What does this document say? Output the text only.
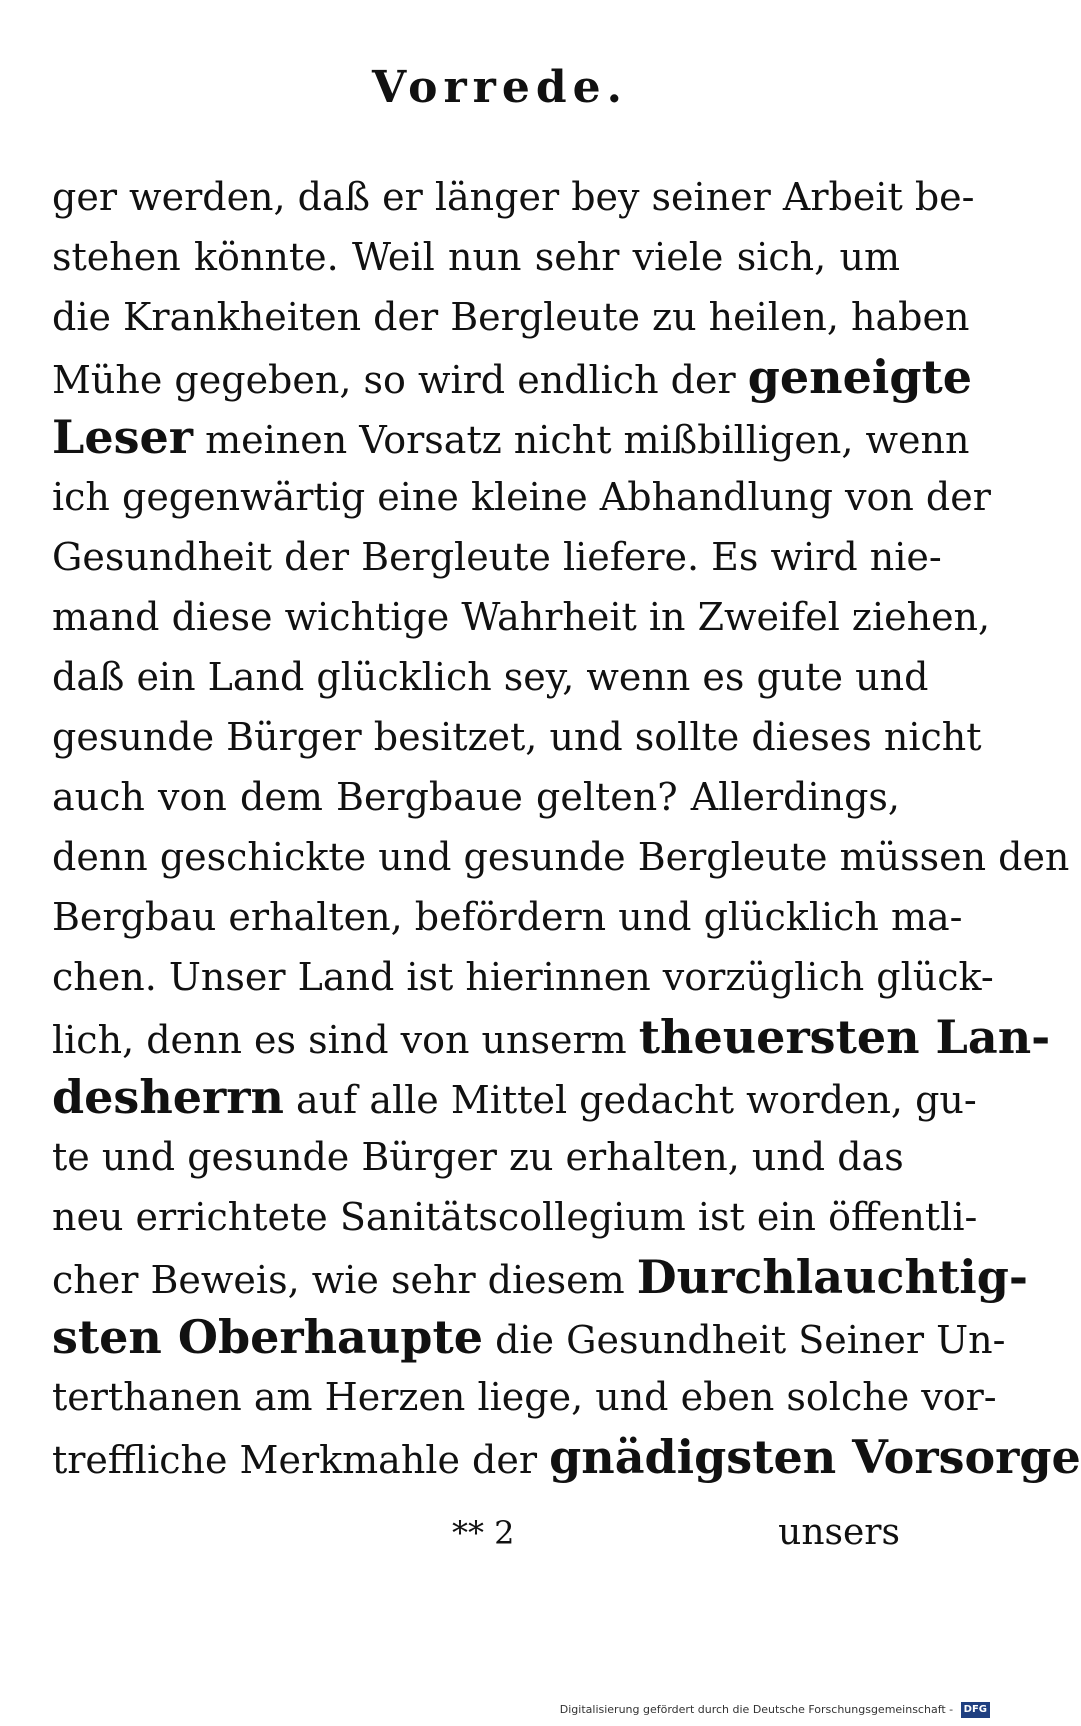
Vorrede.
ger werden, daß er länger bey seiner Arbeit be-
stehen könnte. Weil nun sehr viele sich, um
die Krankheiten der Bergleute zu heilen, haben
Mühe gegeben, so wird endlich der geneigte
Leser meinen Vorsatz nicht mißbilligen, wenn
ich gegenwärtig eine kleine Abhandlung von der
Gesundheit der Bergleute liefere. Es wird nie-
mand diese wichtige Wahrheit in Zweifel ziehen,
daß ein Land glücklich sey, wenn es gute und
gesunde Bürger besitzet, und sollte dieses nicht
auch von dem Bergbaue gelten? Allerdings,
denn geschickte und gesunde Bergleute müssen den
Bergbau erhalten, befördern und glücklich ma-
chen. Unser Land ist hierinnen vorzüglich glück-
lich, denn es sind von unserm theuersten Lan-
desherrn auf alle Mittel gedacht worden, gu-
te und gesunde Bürger zu erhalten, und das
neu errichtete Sanitätscollegium ist ein öffentli-
cher Beweis, wie sehr diesem Durchlauchtig-
sten Oberhaupte die Gesundheit Seiner Un-
terthanen am Herzen liege, und eben solche vor-
treffliche Merkmahle der gnädigsten Vorsorge
** 2	unsers
Digitalisierung gefördert durch die Deutsche Forschungsgemeinschaft - DFG
